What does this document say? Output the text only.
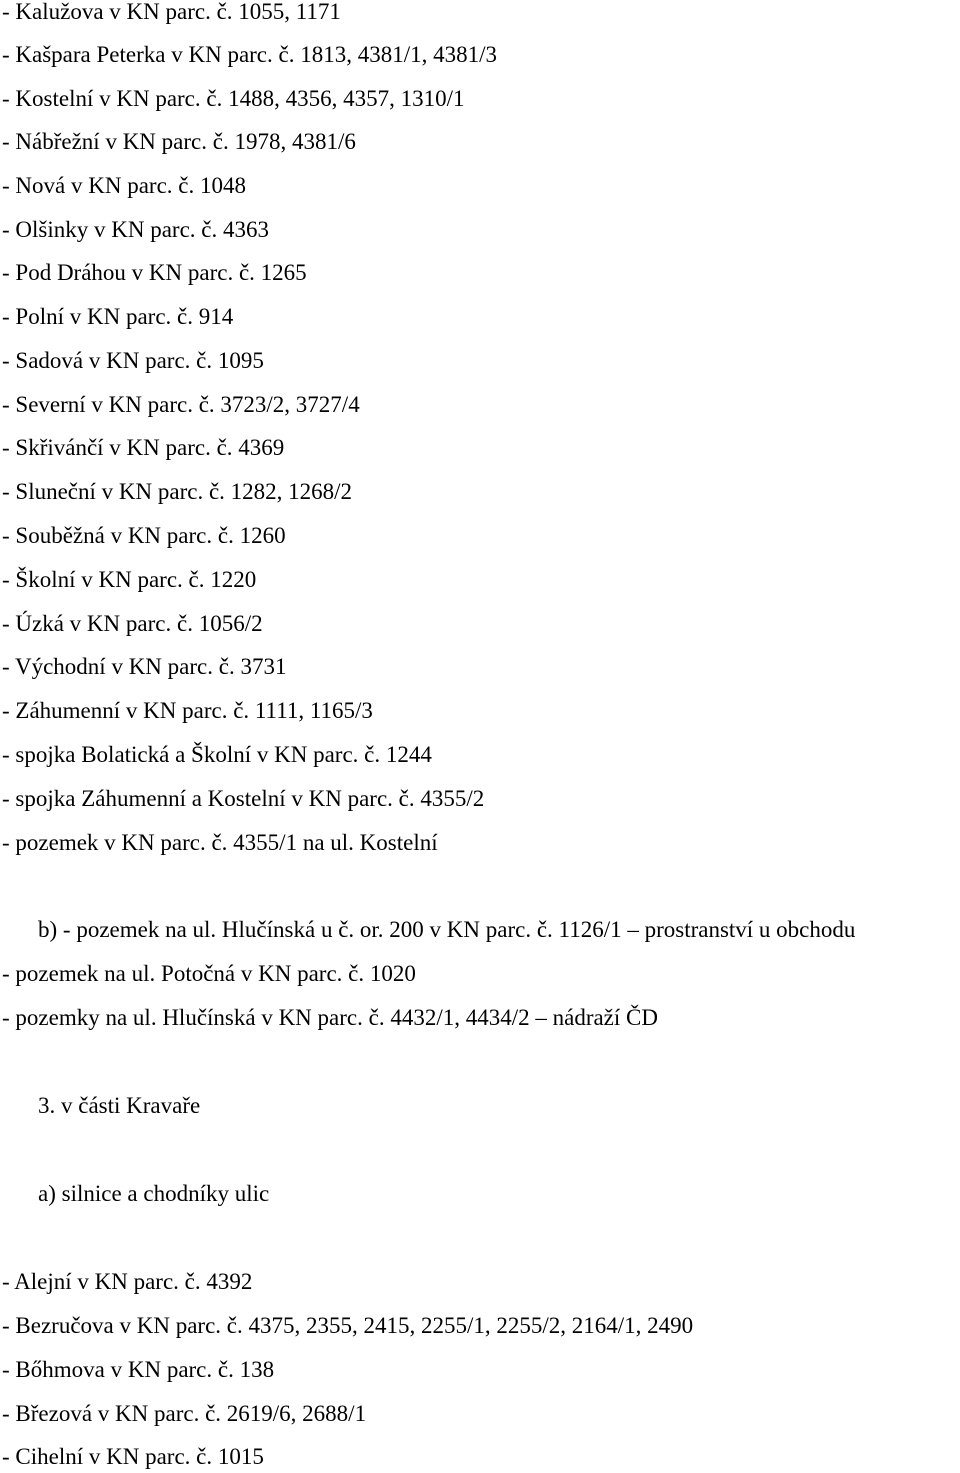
- Kalužova v KN parc. č. 1055, 1171
- Kašpara Peterka v KN parc. č. 1813, 4381/1, 4381/3
- Kostelní v KN parc. č. 1488, 4356, 4357, 1310/1
- Nábřežní v KN parc. č. 1978, 4381/6
- Nová v KN parc. č. 1048
- Olšinky v KN parc. č. 4363
- Pod Dráhou v KN parc. č. 1265
- Polní v KN parc. č. 914
- Sadová v KN parc. č. 1095
- Severní v KN parc. č. 3723/2, 3727/4
- Skřivánčí v KN parc. č. 4369
- Sluneční v KN parc. č. 1282, 1268/2
- Souběžná v KN parc. č. 1260
- Školní v KN parc. č. 1220
- Úzká v KN parc. č. 1056/2
- Východní v KN parc. č. 3731
- Záhumenní v KN parc. č. 1111, 1165/3
- spojka Bolatická a Školní v KN parc. č. 1244
- spojka Záhumenní a Kostelní v KN parc. č. 4355/2
- pozemek v KN parc. č. 4355/1 na ul. Kostelní
b) - pozemek na ul. Hlučínská u č. or. 200 v KN parc. č. 1126/1 – prostranství u obchodu
- pozemek na ul. Potočná v KN parc. č. 1020
- pozemky na ul. Hlučínská v KN parc. č. 4432/1, 4434/2 – nádraží ČD
3. v části Kravaře
a) silnice a chodníky ulic
- Alejní v KN parc. č. 4392
- Bezručova v KN parc. č. 4375, 2355, 2415, 2255/1, 2255/2, 2164/1, 2490
- Bőhmova v KN parc. č. 138
- Březová v KN parc. č. 2619/6, 2688/1
- Cihelní v KN parc. č. 1015
